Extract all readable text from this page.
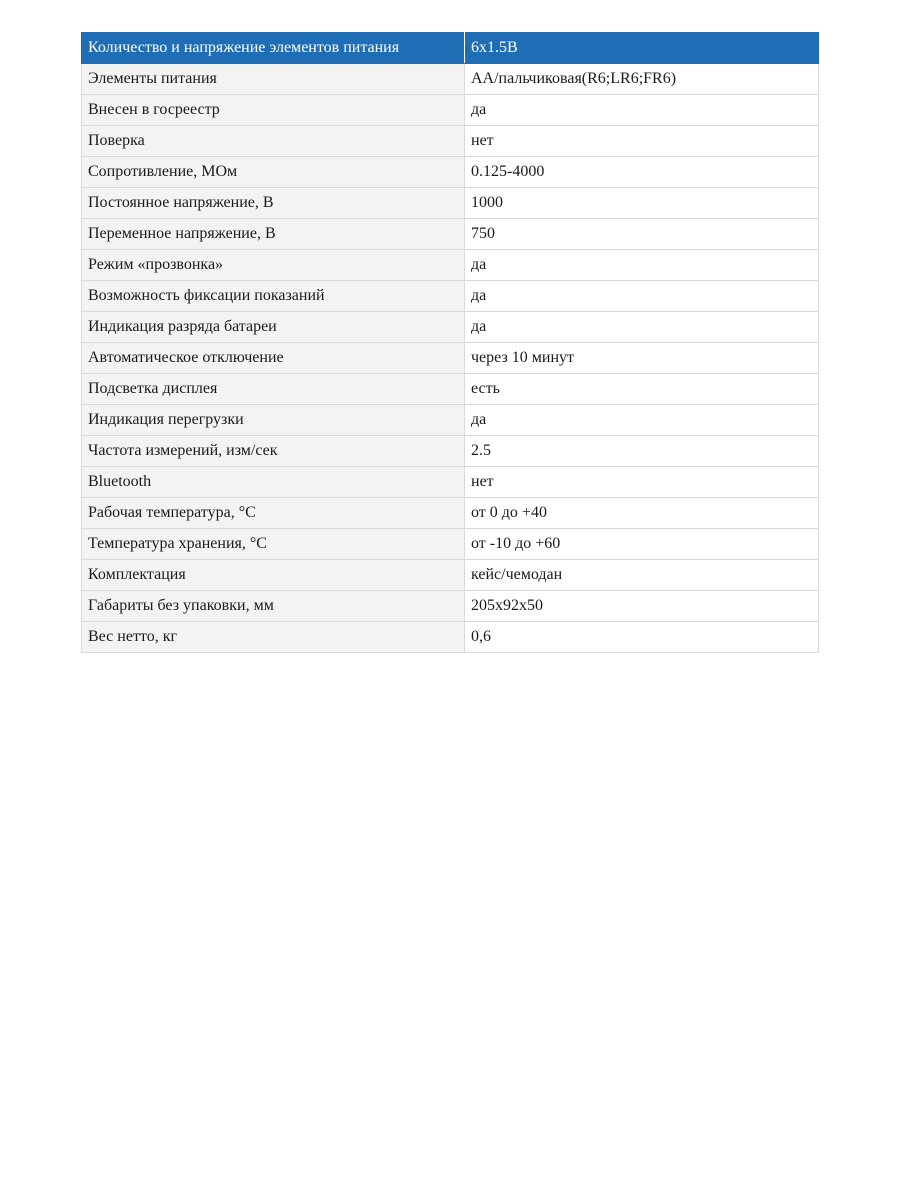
Количество и напряжение элементов питания	6x1.5B
Элементы питания	AA/пальчиковая(R6;LR6;FR6)
Внесен в госреестр	да
Поверка	нет
Сопротивление, МОм	0.125-4000
Постоянное напряжение, В	1000
Переменное напряжение, В	750
Режим «прозвонка»	да
Возможность фиксации показаний	да
Индикация разряда батареи	да
Автоматическое отключение	через 10 минут
Подсветка дисплея	есть
Индикация перегрузки	да
Частота измерений, изм/сек	2.5
Bluetooth	нет
Рабочая температура, °С	от 0 до +40
Температура хранения, °С	от -10 до +60
Комплектация	кейс/чемодан
Габариты без упаковки, мм	205x92x50
Вес нетто, кг	0,6
